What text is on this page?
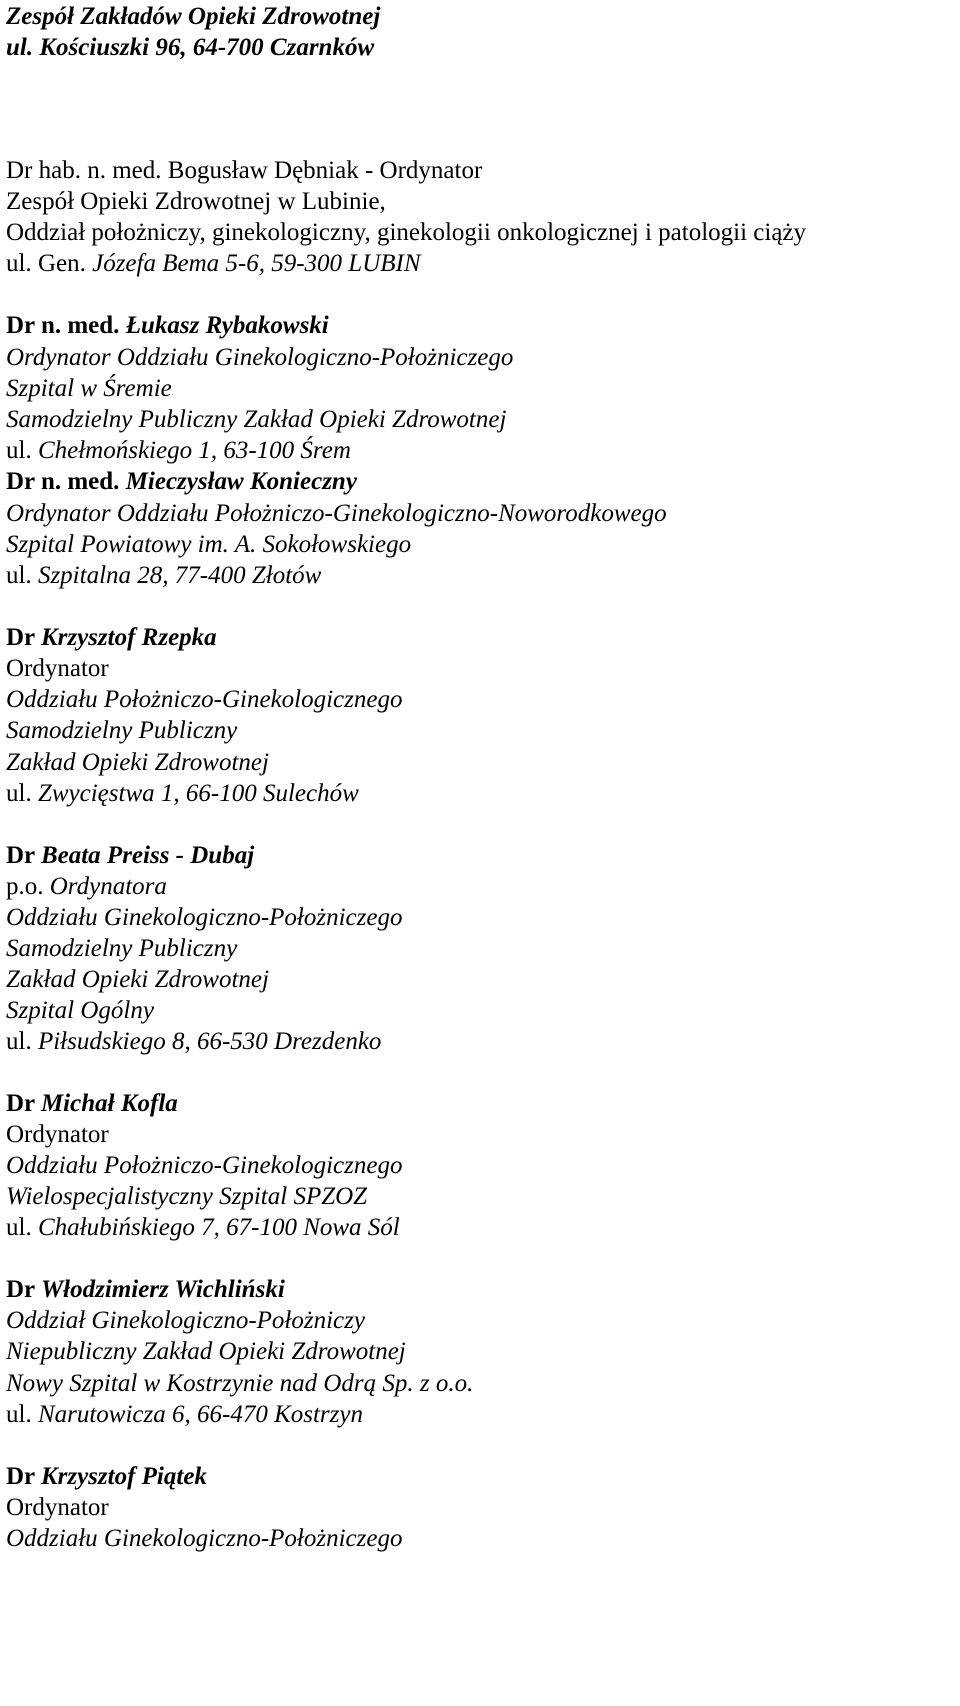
Zespół Zakładów Opieki Zdrowotnej
ul. Kościuszki 96, 64-700 Czarnków
Dr hab. n. med. Bogusław Dębniak - Ordynator
Zespół Opieki Zdrowotnej w Lubinie,
Oddział położniczy, ginekologiczny, ginekologii onkologicznej i patologii ciąży
ul. Gen. Józefa Bema 5-6, 59-300 LUBIN
Dr n. med. Łukasz Rybakowski
Ordynator Oddziału Ginekologiczno-Położniczego
Szpital w Śremie
Samodzielny Publiczny Zakład Opieki Zdrowotnej
ul. Chełmońskiego 1, 63-100 Śrem
Dr n. med. Mieczysław Konieczny
Ordynator Oddziału Położniczo-Ginekologiczno-Noworodkowego
Szpital Powiatowy im. A. Sokołowskiego
ul. Szpitalna 28, 77-400 Złotów
Dr Krzysztof Rzepka
Ordynator
Oddziału Położniczo-Ginekologicznego
Samodzielny Publiczny
Zakład Opieki Zdrowotnej
ul. Zwycięstwa 1, 66-100 Sulechów
Dr Beata Preiss - Dubaj
p.o. Ordynatora
Oddziału Ginekologiczno-Położniczego
Samodzielny Publiczny
Zakład Opieki Zdrowotnej
Szpital Ogólny
ul. Piłsudskiego 8, 66-530 Drezdenko
Dr Michał Kofla
Ordynator
Oddziału Położniczo-Ginekologicznego
Wielospecjalistyczny Szpital SPZOZ
ul. Chałubińskiego 7, 67-100 Nowa Sól
Dr Włodzimierz Wichliński
Oddział Ginekologiczno-Położniczy
Niepubliczny Zakład Opieki Zdrowotnej
Nowy Szpital w Kostrzynie nad Odrą Sp. z o.o.
ul. Narutowicza 6, 66-470 Kostrzyn
Dr Krzysztof Piątek
Ordynator
Oddziału Ginekologiczno-Położniczego
